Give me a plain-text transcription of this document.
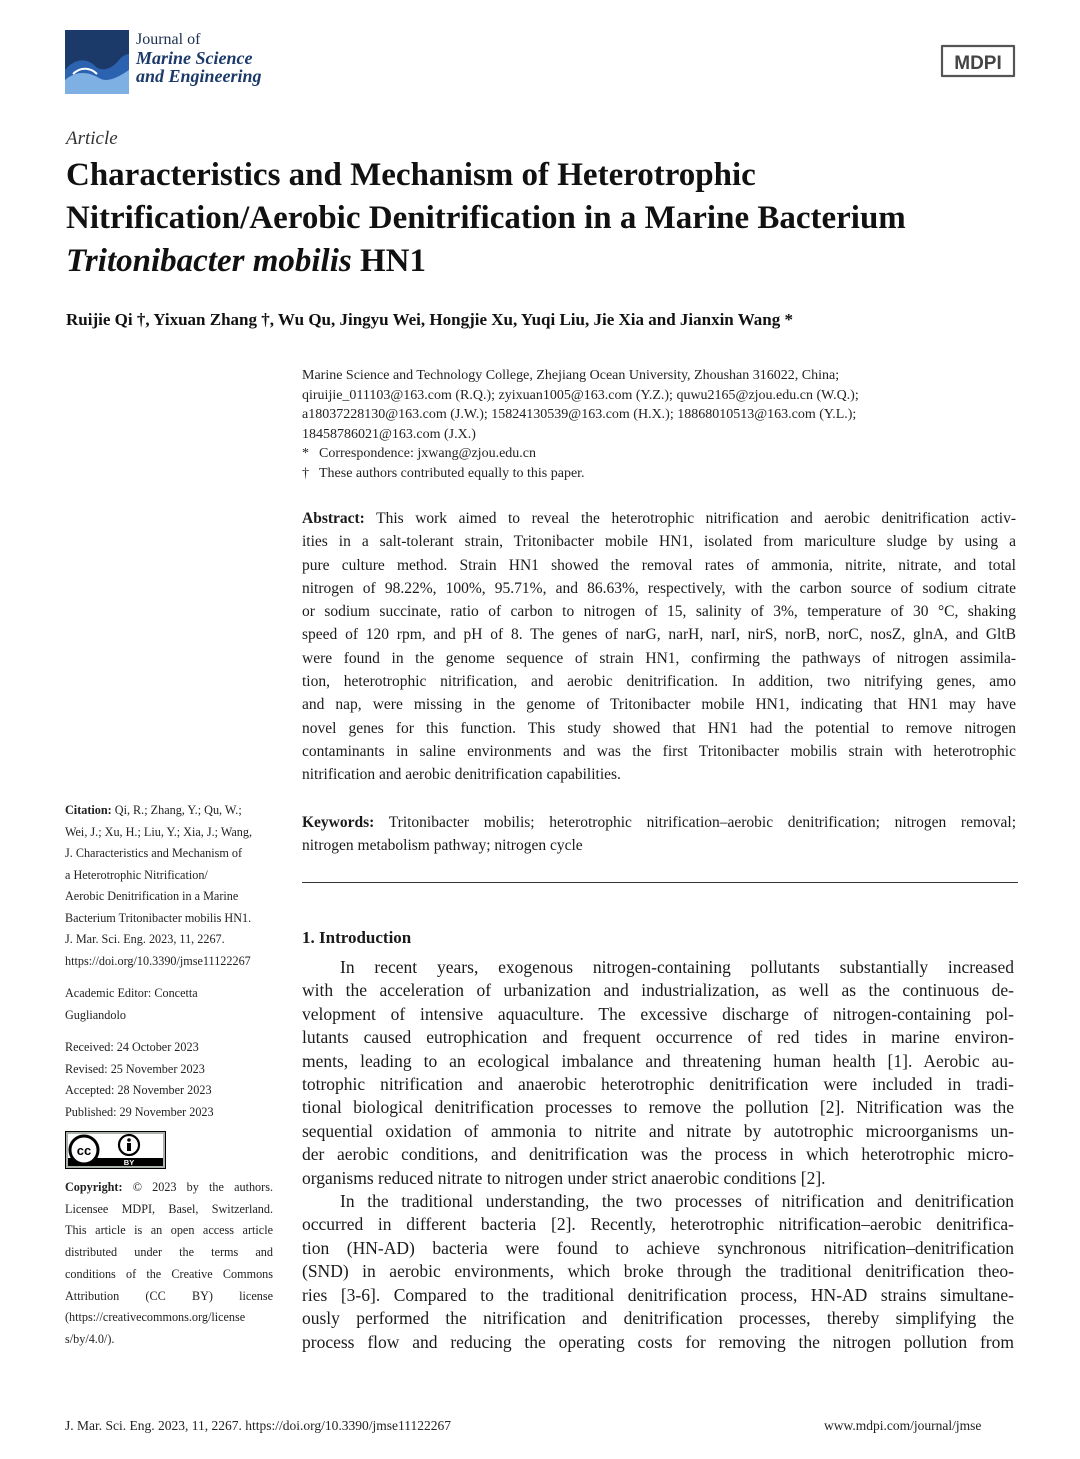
Journal of
Marine Science
and Engineering
MDPI
Article
Characteristics and Mechanism of Heterotrophic
Nitrification/Aerobic Denitrification in a Marine Bacterium
Tritonibacter mobilis HN1
Ruijie Qi †, Yixuan Zhang †, Wu Qu, Jingyu Wei, Hongjie Xu, Yuqi Liu, Jie Xia and Jianxin Wang *
Marine Science and Technology College, Zhejiang Ocean University, Zhoushan 316022, China;
qiruijie_011103@163.com (R.Q.); zyixuan1005@163.com (Y.Z.); quwu2165@zjou.edu.cn (W.Q.);
a18037228130@163.com (J.W.); 15824130539@163.com (H.X.); 18868010513@163.com (Y.L.);
18458786021@163.com (J.X.)
* Correspondence: jxwang@zjou.edu.cn
† These authors contributed equally to this paper.
Abstract: This work aimed to reveal the heterotrophic nitrification and aerobic denitrification activ-
ities in a salt-tolerant strain, Tritonibacter mobile HN1, isolated from mariculture sludge by using a
pure culture method. Strain HN1 showed the removal rates of ammonia, nitrite, nitrate, and total
nitrogen of 98.22%, 100%, 95.71%, and 86.63%, respectively, with the carbon source of sodium citrate
or sodium succinate, ratio of carbon to nitrogen of 15, salinity of 3%, temperature of 30 °C, shaking
speed of 120 rpm, and pH of 8. The genes of narG, narH, narI, nirS, norB, norC, nosZ, glnA, and GltB
were found in the genome sequence of strain HN1, confirming the pathways of nitrogen assimila-
tion, heterotrophic nitrification, and aerobic denitrification. In addition, two nitrifying genes, amo
and nap, were missing in the genome of Tritonibacter mobile HN1, indicating that HN1 may have
novel genes for this function. This study showed that HN1 had the potential to remove nitrogen
contaminants in saline environments and was the first Tritonibacter mobilis strain with heterotrophic
nitrification and aerobic denitrification capabilities.
Keywords: Tritonibacter mobilis; heterotrophic nitrification–aerobic denitrification; nitrogen removal;
nitrogen metabolism pathway; nitrogen cycle
1. Introduction
In recent years, exogenous nitrogen-containing pollutants substantially increased
with the acceleration of urbanization and industrialization, as well as the continuous de-
velopment of intensive aquaculture. The excessive discharge of nitrogen-containing pol-
lutants caused eutrophication and frequent occurrence of red tides in marine environ-
ments, leading to an ecological imbalance and threatening human health [1]. Aerobic au-
totrophic nitrification and anaerobic heterotrophic denitrification were included in tradi-
tional biological denitrification processes to remove the pollution [2]. Nitrification was the
sequential oxidation of ammonia to nitrite and nitrate by autotrophic microorganisms un-
der aerobic conditions, and denitrification was the process in which heterotrophic micro-
organisms reduced nitrate to nitrogen under strict anaerobic conditions [2].
In the traditional understanding, the two processes of nitrification and denitrification
occurred in different bacteria [2]. Recently, heterotrophic nitrification–aerobic denitrifica-
tion (HN-AD) bacteria were found to achieve synchronous nitrification–denitrification
(SND) in aerobic environments, which broke through the traditional denitrification theo-
ries [3-6]. Compared to the traditional denitrification process, HN-AD strains simultane-
ously performed the nitrification and denitrification processes, thereby simplifying the
process flow and reducing the operating costs for removing the nitrogen pollution from
Citation: Qi, R.; Zhang, Y.; Qu, W.;
Wei, J.; Xu, H.; Liu, Y.; Xia, J.; Wang,
J. Characteristics and Mechanism of
a Heterotrophic Nitrification/
Aerobic Denitrification in a Marine
Bacterium Tritonibacter mobilis HN1.
J. Mar. Sci. Eng. 2023, 11, 2267.
https://doi.org/10.3390/jmse11122267
Academic Editor: Concetta
Gugliandolo
Received: 24 October 2023
Revised: 25 November 2023
Accepted: 28 November 2023
Published: 29 November 2023
cc
BY
Copyright: © 2023 by the authors.
Licensee MDPI, Basel, Switzerland.
This article is an open access article
distributed under the terms and
conditions of the Creative Commons
Attribution (CC BY) license
(https://creativecommons.org/license
s/by/4.0/).
J. Mar. Sci. Eng. 2023, 11, 2267. https://doi.org/10.3390/jmse11122267	www.mdpi.com/journal/jmse
